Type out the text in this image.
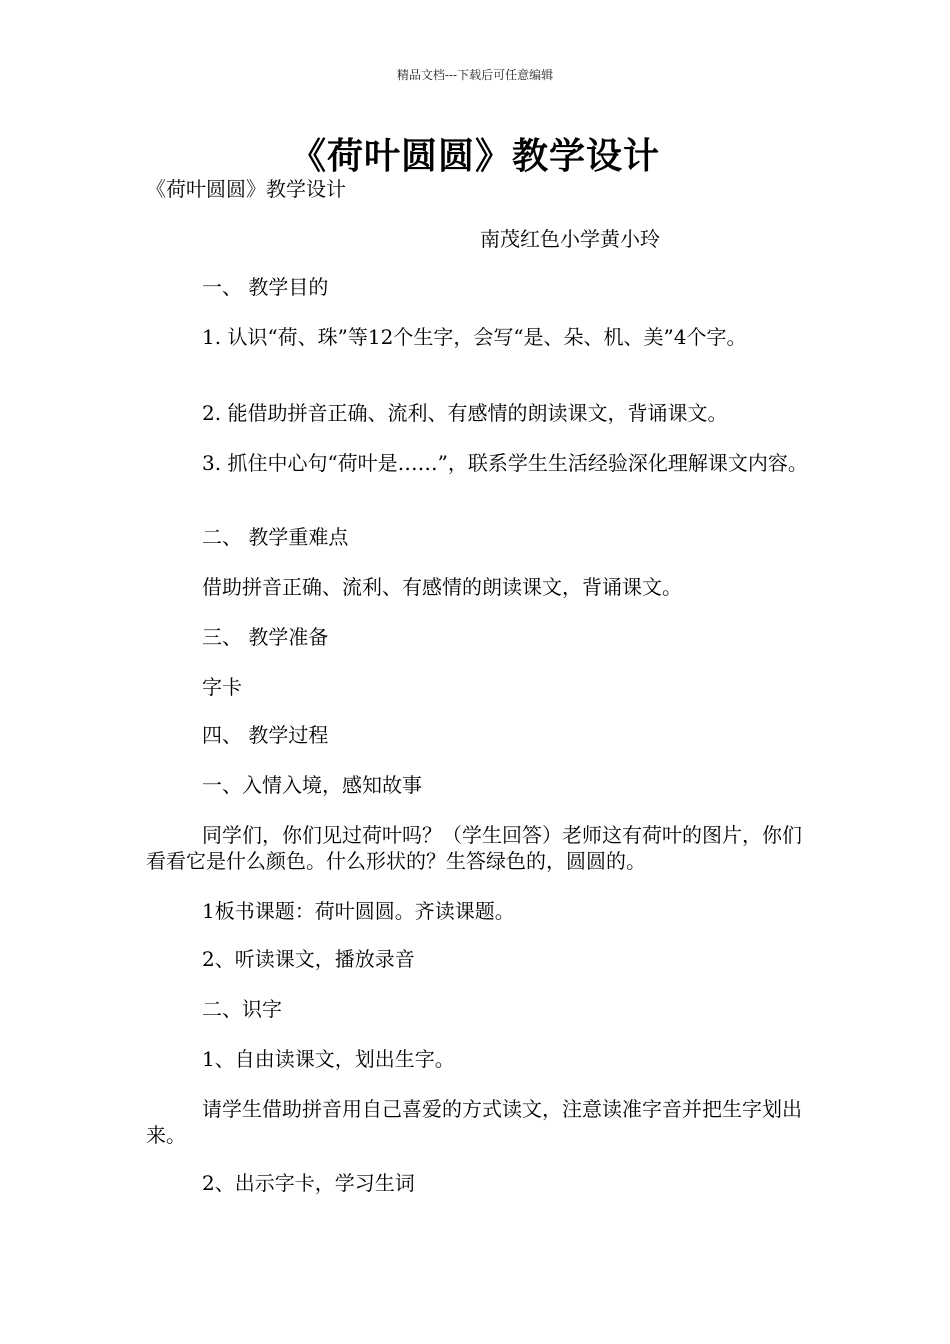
精品文档---下载后可任意编辑
《荷叶圆圆》教学设计
《荷叶圆圆》教学设计
南茂红色小学黄小玲
一、 教学目的
1. 认识“荷、珠”等12个生字，会写“是、朵、机、美”4个字。
2. 能借助拼音正确、流利、有感情的朗读课文，背诵课文。
3. 抓住中心句“荷叶是……”，联系学生生活经验深化理解课文内容。
二、 教学重难点
借助拼音正确、流利、有感情的朗读课文，背诵课文。
三、 教学准备
字卡
四、 教学过程
一、入情入境，感知故事
同学们，你们见过荷叶吗？（学生回答）老师这有荷叶的图片，你们看看它是什么颜色。什么形状的？生答绿色的，圆圆的。
1板书课题：荷叶圆圆。齐读课题。
2、听读课文，播放录音
二、识字
1、自由读课文，划出生字。
请学生借助拼音用自己喜爱的方式读文，注意读准字音并把生字划出来。
2、出示字卡，学习生词
